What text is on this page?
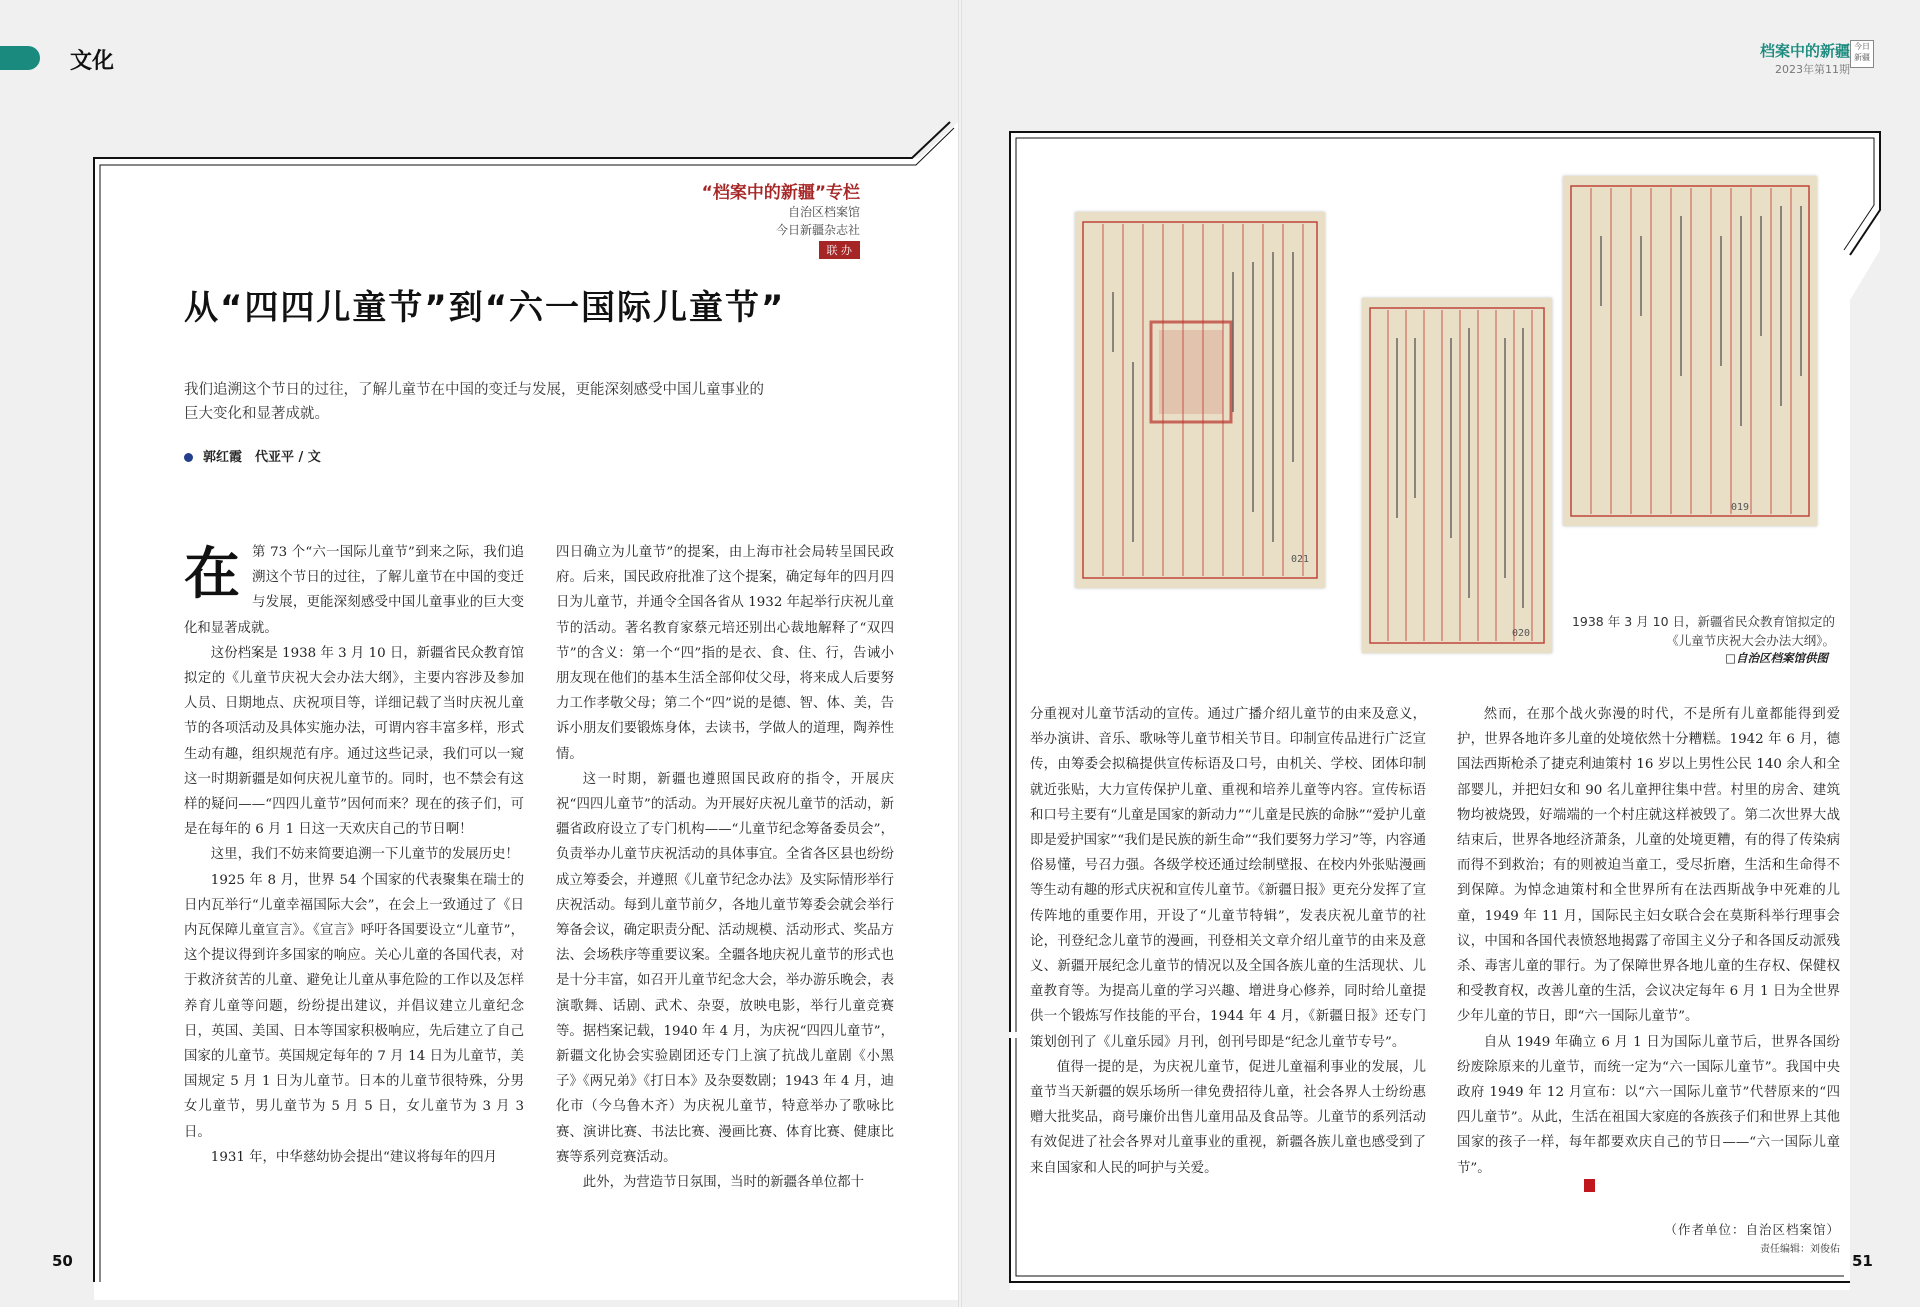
文化
“档案中的新疆”专栏
自治区档案馆
今日新疆杂志社
联 办
从“四四儿童节”到“六一国际儿童节”
我们追溯这个节日的过往，了解儿童节在中国的变迁与发展，更能深刻感受中国儿童事业的巨大变化和显著成就。
郭红霞　代亚平 / 文
在 第 73 个“六一国际儿童节”到来之际，我们追溯这个节日的过往，了解儿童节在中国的变迁与发展，更能深刻感受中国儿童事业的巨大变化和显著成就。

这份档案是 1938 年 3 月 10 日，新疆省民众教育馆拟定的《儿童节庆祝大会办法大纲》，主要内容涉及参加人员、日期地点、庆祝项目等，详细记载了当时庆祝儿童节的各项活动及具体实施办法，可谓内容丰富多样，形式生动有趣，组织规范有序。通过这些记录，我们可以一窥这一时期新疆是如何庆祝儿童节的。同时，也不禁会有这样的疑问——“四四儿童节”因何而来？现在的孩子们，可是在每年的 6 月 1 日这一天欢庆自己的节日啊！

这里，我们不妨来简要追溯一下儿童节的发展历史！

1925 年 8 月，世界 54 个国家的代表聚集在瑞士的日内瓦举行“儿童幸福国际大会”，在会上一致通过了《日内瓦保障儿童宣言》。《宣言》呼吁各国要设立“儿童节”，这个提议得到许多国家的响应。关心儿童的各国代表，对于救济贫苦的儿童、避免让儿童从事危险的工作以及怎样养育儿童等问题，纷纷提出建议，并倡议建立儿童纪念日，英国、美国、日本等国家积极响应，先后建立了自己国家的儿童节。英国规定每年的 7 月 14 日为儿童节，美国规定 5 月 1 日为儿童节。日本的儿童节很特殊，分男女儿童节，男儿童节为 5 月 5 日，女儿童节为 3 月 3 日。

1931 年，中华慈幼协会提出“建议将每年的四月

四日确立为儿童节”的提案，由上海市社会局转呈国民政府。后来，国民政府批准了这个提案，确定每年的四月四日为儿童节，并通令全国各省从 1932 年起举行庆祝儿童节的活动。著名教育家蔡元培还别出心裁地解释了“双四节”的含义：第一个“四”指的是衣、食、住、行，告诫小朋友现在他们的基本生活全部仰仗父母，将来成人后要努力工作孝敬父母；第二个“四”说的是德、智、体、美，告诉小朋友们要锻炼身体，去读书，学做人的道理，陶养性情。

这一时期，新疆也遵照国民政府的指令，开展庆祝“四四儿童节”的活动。为开展好庆祝儿童节的活动，新疆省政府设立了专门机构——“儿童节纪念筹备委员会”，负责举办儿童节庆祝活动的具体事宜。全省各区县也纷纷成立筹委会，并遵照《儿童节纪念办法》及实际情形举行庆祝活动。每到儿童节前夕，各地儿童节筹委会就会举行筹备会议，确定职责分配、活动规模、活动形式、奖品方法、会场秩序等重要议案。全疆各地庆祝儿童节的形式也是十分丰富，如召开儿童节纪念大会，举办游乐晚会，表演歌舞、话剧、武术、杂耍，放映电影，举行儿童竞赛等。据档案记载，1940 年 4 月，为庆祝“四四儿童节”，新疆文化协会实验剧团还专门上演了抗战儿童剧《小黑子》《两兄弟》《打日本》及杂耍数剧；1943 年 4 月，迪化市（今乌鲁木齐）为庆祝儿童节，特意举办了歌咏比赛、演讲比赛、书法比赛、漫画比赛、体育比赛、健康比赛等系列竞赛活动。

此外，为营造节日氛围，当时的新疆各单位都十

50
档案中的新疆
2023年第11期
今日新疆
021
020
019
1938 年 3 月 10 日，新疆省民众教育馆拟定的《儿童节庆祝大会办法大纲》。
□自治区档案馆供图

分重视对儿童节活动的宣传。通过广播介绍儿童节的由来及意义，举办演讲、音乐、歌咏等儿童节相关节目。印制宣传品进行广泛宣传，由筹委会拟稿提供宣传标语及口号，由机关、学校、团体印制就近张贴，大力宣传保护儿童、重视和培养儿童等内容。宣传标语和口号主要有“儿童是国家的新动力”“儿童是民族的命脉”“爱护儿童即是爱护国家”“我们是民族的新生命”“我们要努力学习”等，内容通俗易懂，号召力强。各级学校还通过绘制壁报、在校内外张贴漫画等生动有趣的形式庆祝和宣传儿童节。《新疆日报》更充分发挥了宣传阵地的重要作用，开设了“儿童节特辑”，发表庆祝儿童节的社论，刊登纪念儿童节的漫画，刊登相关文章介绍儿童节的由来及意义、新疆开展纪念儿童节的情况以及全国各族儿童的生活现状、儿童教育等。为提高儿童的学习兴趣、增进身心修养，同时给儿童提供一个锻炼写作技能的平台，1944 年 4 月，《新疆日报》还专门策划创刊了《儿童乐园》月刊，创刊号即是“纪念儿童节专号”。

值得一提的是，为庆祝儿童节，促进儿童福利事业的发展，儿童节当天新疆的娱乐场所一律免费招待儿童，社会各界人士纷纷惠赠大批奖品，商号廉价出售儿童用品及食品等。儿童节的系列活动有效促进了社会各界对儿童事业的重视，新疆各族儿童也感受到了来自国家和人民的呵护与关爱。

然而，在那个战火弥漫的时代，不是所有儿童都能得到爱护，世界各地许多儿童的处境依然十分糟糕。1942 年 6 月，德国法西斯枪杀了捷克利迪策村 16 岁以上男性公民 140 余人和全部婴儿，并把妇女和 90 名儿童押往集中营。村里的房舍、建筑物均被烧毁，好端端的一个村庄就这样被毁了。第二次世界大战结束后，世界各地经济萧条，儿童的处境更糟，有的得了传染病而得不到救治；有的则被迫当童工，受尽折磨，生活和生命得不到保障。为悼念迪策村和全世界所有在法西斯战争中死难的儿童，1949 年 11 月，国际民主妇女联合会在莫斯科举行理事会议，中国和各国代表愤怒地揭露了帝国主义分子和各国反动派残杀、毒害儿童的罪行。为了保障世界各地儿童的生存权、保健权和受教育权，改善儿童的生活，会议决定每年 6 月 1 日为全世界少年儿童的节日，即“六一国际儿童节”。

自从 1949 年确立 6 月 1 日为国际儿童节后，世界各国纷纷废除原来的儿童节，而统一定为“六一国际儿童节”。我国中央政府 1949 年 12 月宣布：以“六一国际儿童节”代替原来的“四四儿童节”。从此，生活在祖国大家庭的各族孩子们和世界上其他国家的孩子一样，每年都要欢庆自己的节日——“六一国际儿童节”。

（作者单位：自治区档案馆）
责任编辑：刘俊佑
51
